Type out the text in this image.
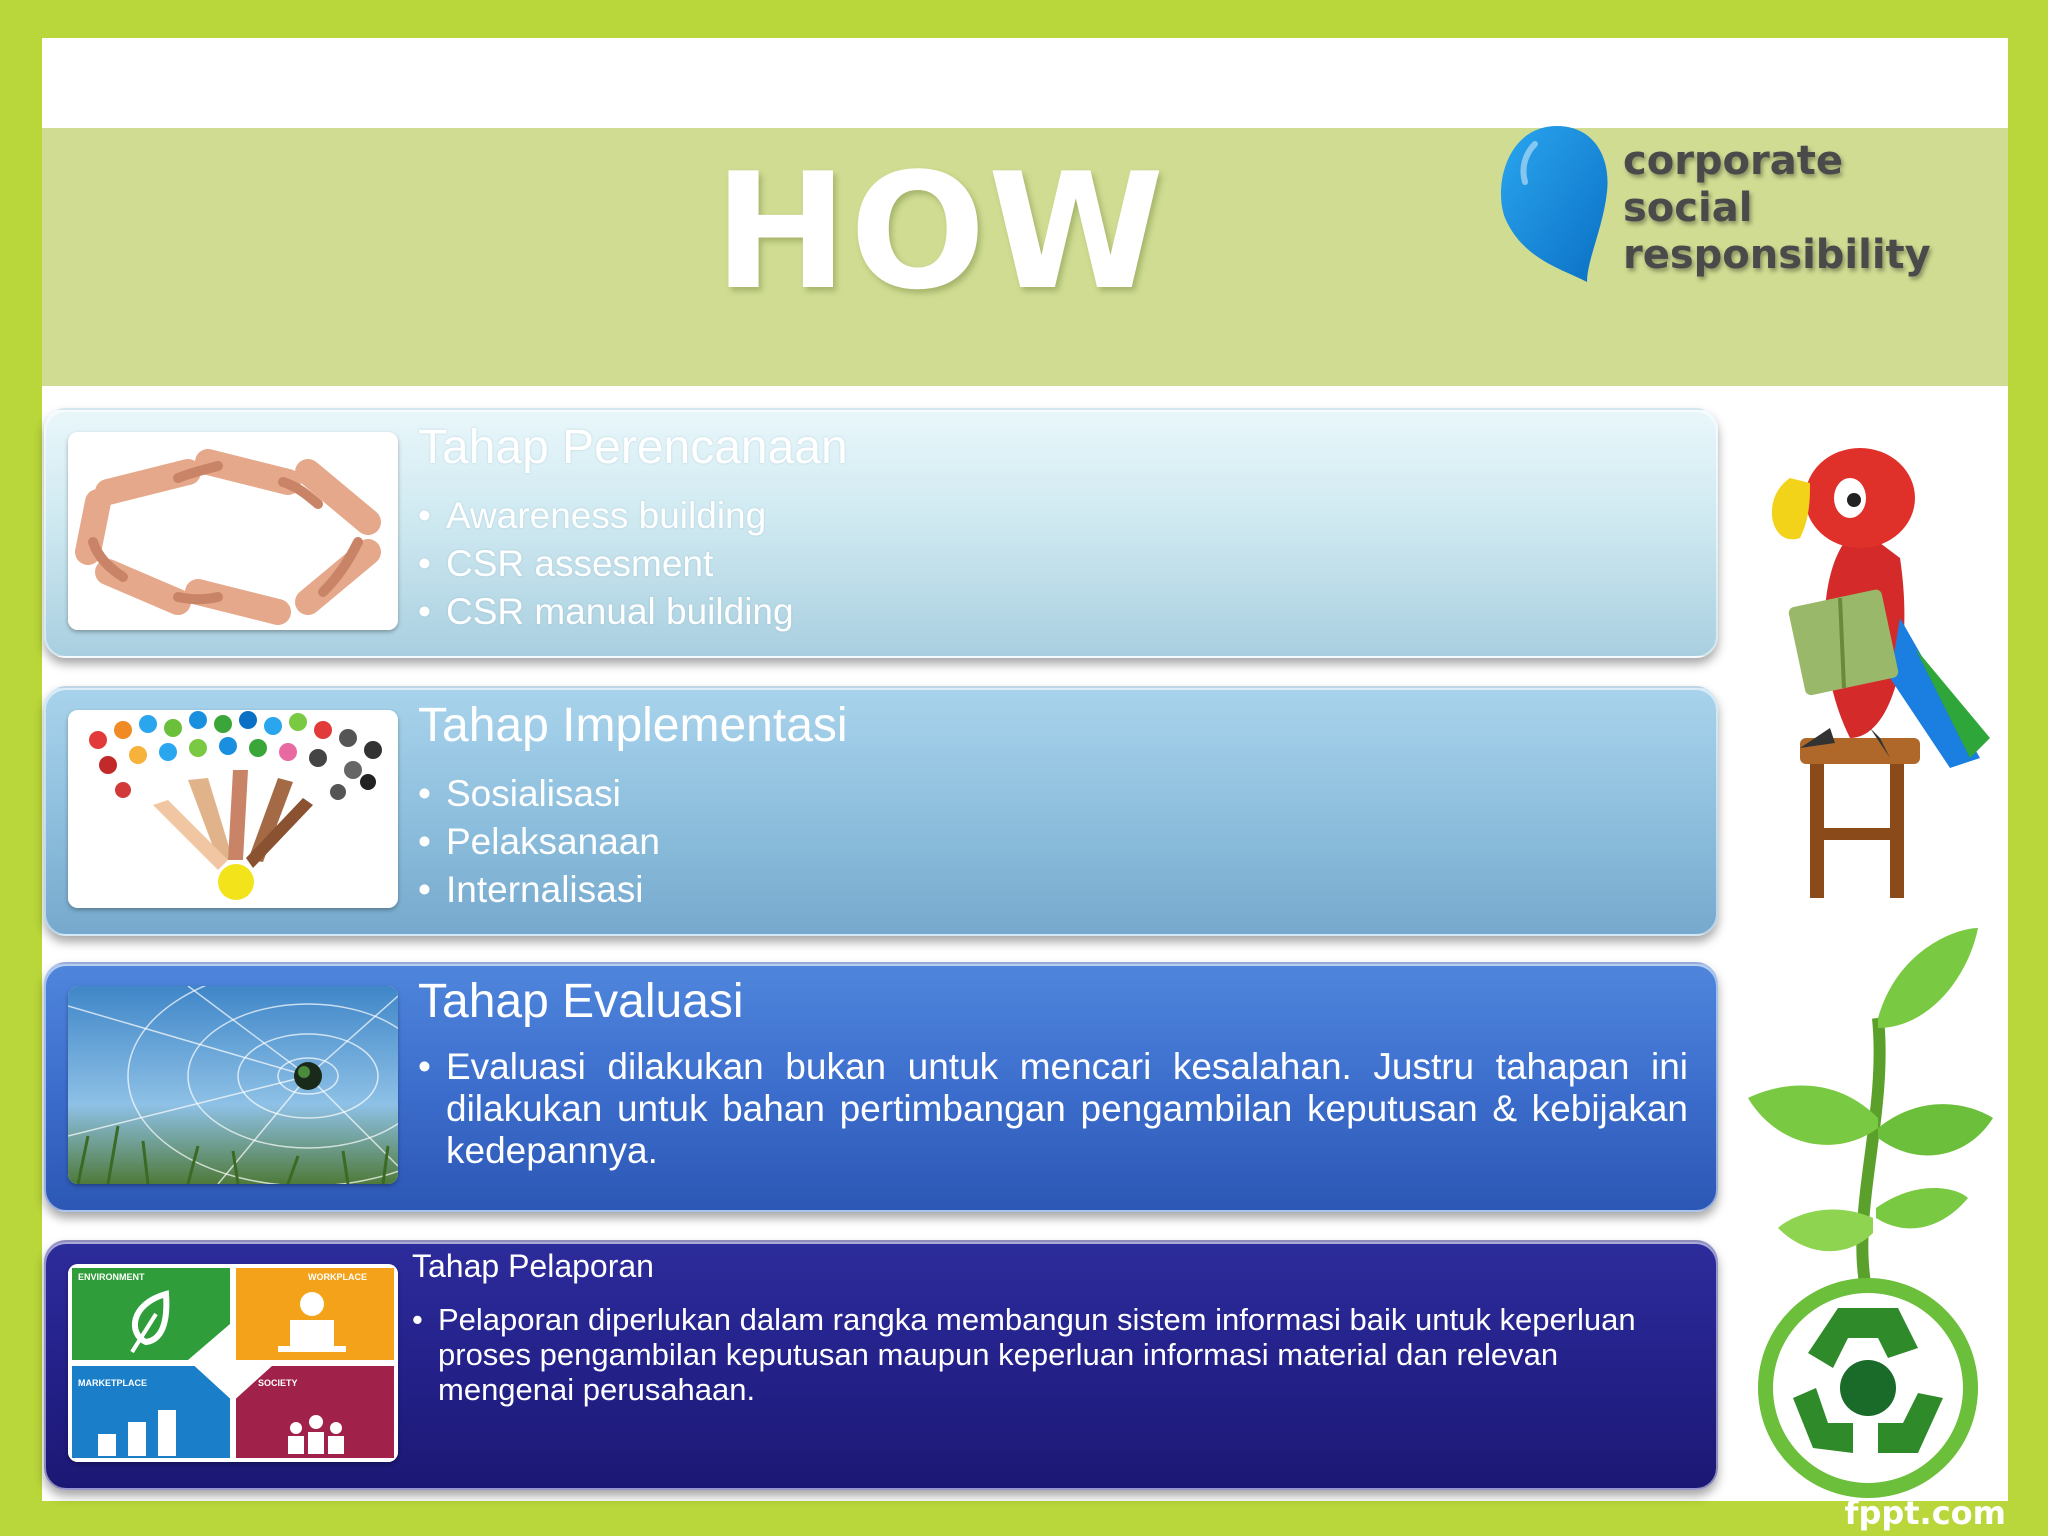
HOW	corporate
social
responsibility
Tahap Perencanaan
• Awareness building
• CSR assesment
• CSR manual building
Tahap Implementasi
• Sosialisasi
• Pelaksanaan
• Internalisasi
Tahap Evaluasi
• Evaluasi dilakukan bukan untuk mencari kesalahan. Justru tahapan ini dilakukan untuk bahan pertimbangan pengambilan keputusan & kebijakan kedepannya.
ENVIRONMENT	WORKPLACE
MARKETPLACE	SOCIETY
Tahap Pelaporan
• Pelaporan diperlukan dalam rangka membangun sistem informasi baik untuk keperluan proses pengambilan keputusan maupun keperluan informasi material dan relevan mengenai perusahaan.
fppt.com
